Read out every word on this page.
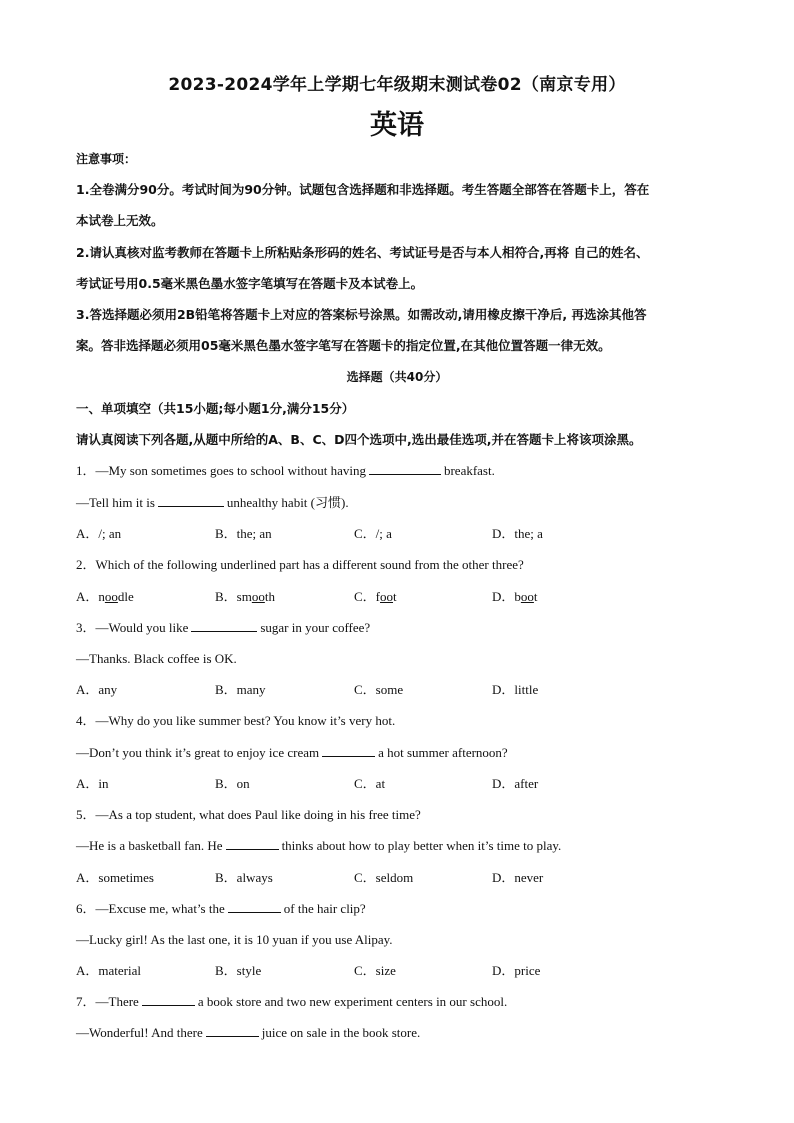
2023-2024学年上学期七年级期末测试卷02（南京专用）
英语
注意事项：
1.全卷满分90分。考试时间为90分钟。试题包含选择题和非选择题。考生答题全部答在答题卡上，答在
本试卷上无效。
2.请认真核对监考教师在答题卡上所粘贴条形码的姓名、考试证号是否与本人相符合,再将 自己的姓名、
考试证号用0.5毫米黑色墨水签字笔填写在答题卡及本试卷上。
3.答选择题必须用2B铅笔将答题卡上对应的答案标号涂黑。如需改动,请用橡皮擦干净后, 再选涂其他答
案。答非选择题必须用05毫米黑色墨水签字笔写在答题卡的指定位置,在其他位置答题一律无效。
选择题（共40分）
一、单项填空（共15小题;每小题1分,满分15分）
请认真阅读下列各题,从题中所给的A、B、C、D四个选项中,选出最佳选项,并在答题卡上将该项涂黑。
1．—My son sometimes goes to school without having	breakfast.
—Tell him it is	unhealthy habit (习惯).
A．/; an	B．the; an	C．/; a	D．the; a
2．Which of the following underlined part has a different sound from the other three?
A．noodle	B．smooth	C．foot	D．boot
3．—Would you like	sugar in your coffee?
—Thanks. Black coffee is OK.
A．any	B．many	C．some	D．little
4．—Why do you like summer best? You know it’s very hot.
—Don’t you think it’s great to enjoy ice cream	a hot summer afternoon?
A．in	B．on	C．at	D．after
5．—As a top student, what does Paul like doing in his free time?
—He is a basketball fan. He	thinks about how to play better when it’s time to play.
A．sometimes	B．always	C．seldom	D．never
6．—Excuse me, what’s the	of the hair clip?
—Lucky girl! As the last one, it is 10 yuan if you use Alipay.
A．material	B．style	C．size	D．price
7．—There	a book store and two new experiment centers in our school.
—Wonderful! And there	juice on sale in the book store.
